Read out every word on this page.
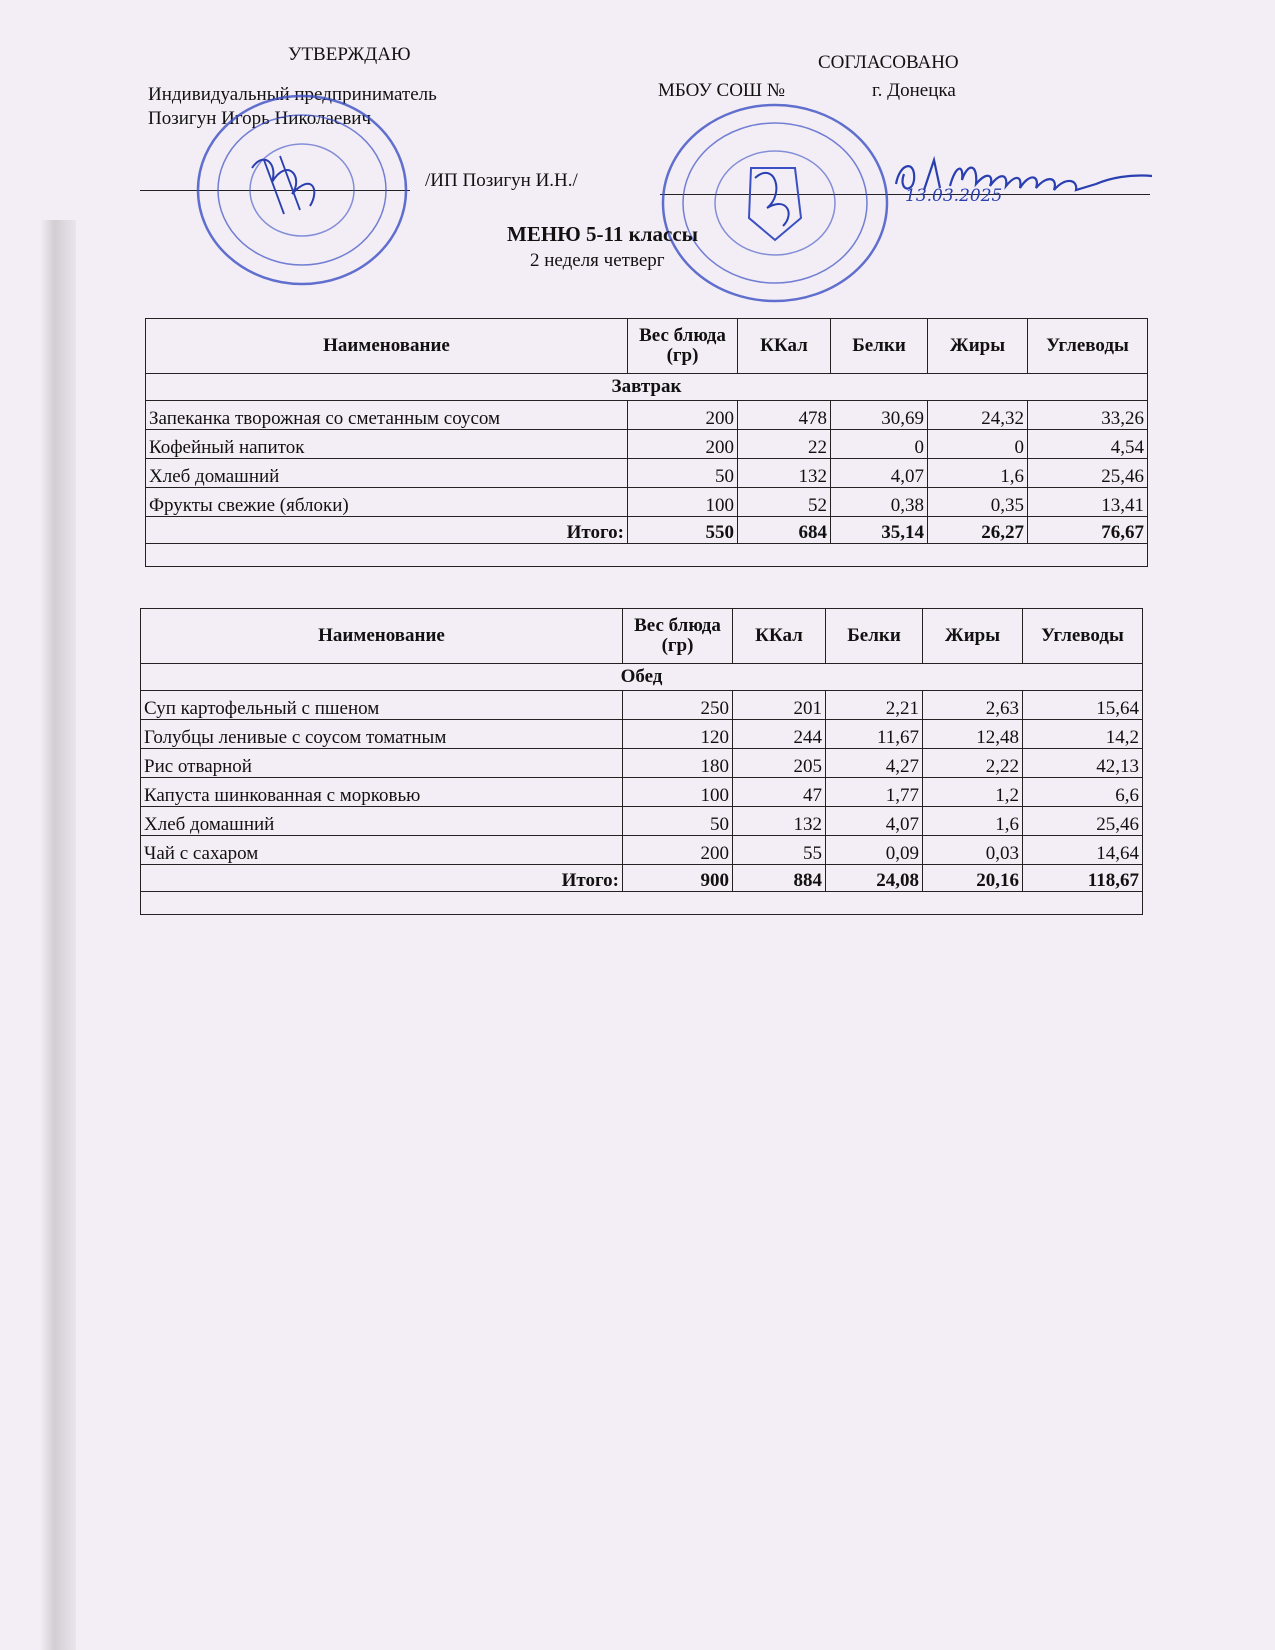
УТВЕРЖДАЮ
Индивидуальный предприниматель
Позигун Игорь Николаевич
/ИП Позигун И.Н./
СОГЛАСОВАНО
МБОУ СОШ №	г. Донецка
13.03.2025
МЕНЮ 5-11 классы
2 неделя четверг
Наименование	Вес блюда (гр)	ККал	Белки	Жиры	Углеводы
Завтрак					
Запеканка творожная со сметанным соусом	200	478	30,69	24,32	33,26
Кофейный напиток	200	22	0	0	4,54
Хлеб домашний	50	132	4,07	1,6	25,46
Фрукты свежие (яблоки)	100	52	0,38	0,35	13,41
Итого:	550	684	35,14	26,27	76,67

Наименование	Вес блюда (гр)	ККал	Белки	Жиры	Углеводы
Обед					
Суп картофельный с пшеном	250	201	2,21	2,63	15,64
Голубцы ленивые с соусом томатным	120	244	11,67	12,48	14,2
Рис отварной	180	205	4,27	2,22	42,13
Капуста шинкованная с морковью	100	47	1,77	1,2	6,6
Хлеб домашний	50	132	4,07	1,6	25,46
Чай с сахаром	200	55	0,09	0,03	14,64
Итого:	900	884	24,08	20,16	118,67
